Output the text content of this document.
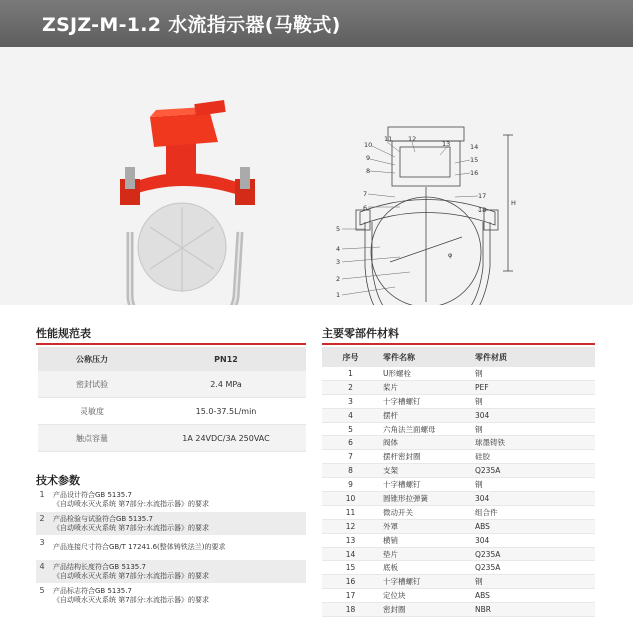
ZSJZ-M-1.2 水流指示器(马鞍式)
10
9
8
7
6
5
4
3
2
1
11 12
13	14
15
16
17
18
H
φ
性能规范表
公称压力	PN12
密封试验	2.4 MPa
灵敏度	15.0-37.5L/min
触点容量	1A 24VDC/3A 250VAC
技术参数
1	产品设计符合GB 5135.7
《自动喷水灭火系统 第7部分:水流指示器》的要求
2	产品检验与试验符合GB 5135.7
《自动喷水灭火系统 第7部分:水流指示器》的要求
3	产品连接尺寸符合GB/T 17241.6(整体铸铁法兰)的要求
4	产品结构长度符合GB 5135.7
《自动喷水灭火系统 第7部分:水流指示器》的要求
5	产品标志符合GB 5135.7
《自动喷水灭火系统 第7部分:水流指示器》的要求
主要零部件材料
序号	零件名称	零件材质
1	U形螺栓	钢
2	桨片	PEF
3	十字槽螺钉	钢
4	摆杆	304
5	六角法兰面螺母	钢
6	阀体	球墨铸铁
7	摆杆密封圈	硅胶
8	支架	Q235A
9	十字槽螺钉	钢
10	圆锥形拉弹簧	304
11	微动开关	组合件
12	外罩	ABS
13	横销	304
14	垫片	Q235A
15	底板	Q235A
16	十字槽螺钉	钢
17	定位块	ABS
18	密封圈	NBR
